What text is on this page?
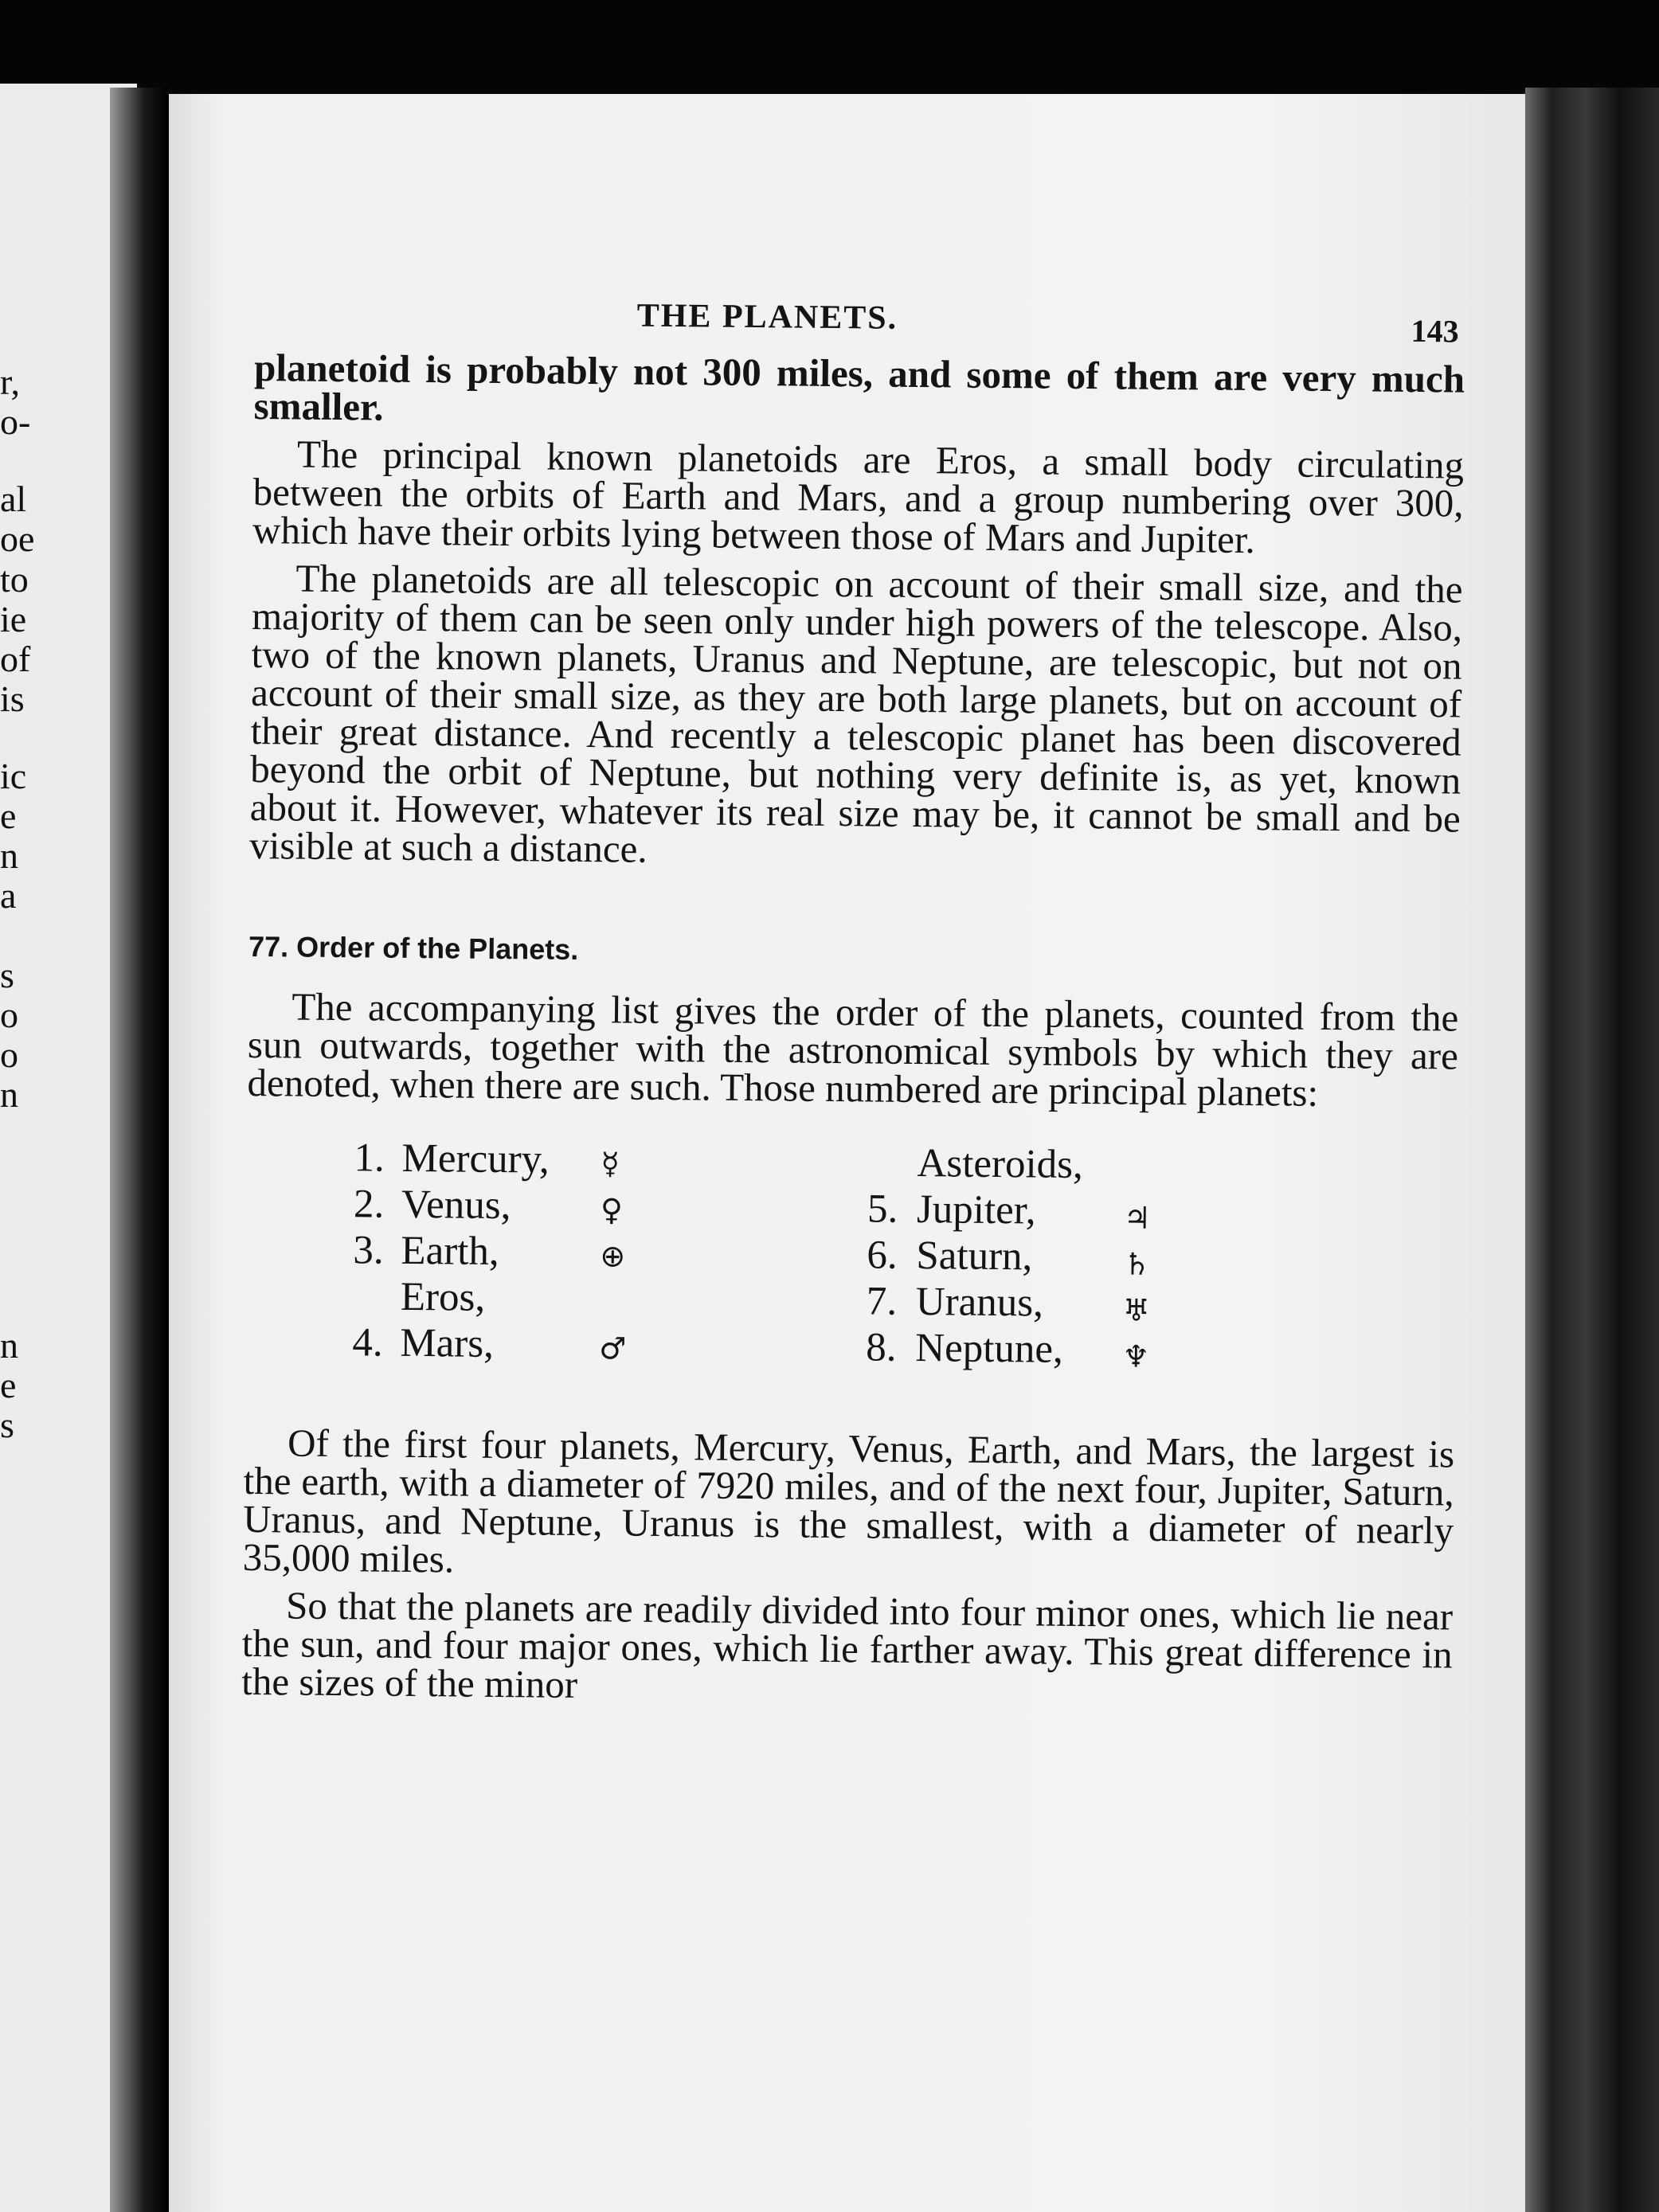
r,
o-
al
oe
to
ie
of
is
ic
e
n
a
s
o
o
n
n
e
s
THE PLANETS.	143

planetoid is probably not 300 miles, and some of them are very much smaller.

The principal known planetoids are Eros, a small body circulating between the orbits of Earth and Mars, and a group numbering over 300, which have their orbits lying between those of Mars and Jupiter.

The planetoids are all telescopic on account of their small size, and the majority of them can be seen only under high powers of the telescope. Also, two of the known planets, Uranus and Neptune, are telescopic, but not on account of their small size, as they are both large planets, but on account of their great distance. And recently a telescopic planet has been discovered beyond the orbit of Neptune, but nothing very definite is, as yet, known about it. However, whatever its real size may be, it cannot be small and be visible at such a distance.

77. Order of the Planets.

The accompanying list gives the order of the planets, counted from the sun outwards, together with the astronomical symbols by which they are denoted, when there are such. Those numbered are principal planets:

1. Mercury, ☿
2. Venus,	♀
3. Earth,	⊕
Eros,
4. Mars,	♂
Asteroids,
5. Jupiter,	♃
6. Saturn,	♄
7. Uranus,	♅
8. Neptune, ♆

Of the first four planets, Mercury, Venus, Earth, and Mars, the largest is the earth, with a diameter of 7920 miles, and of the next four, Jupiter, Saturn, Uranus, and Neptune, Uranus is the smallest, with a diameter of nearly 35,000 miles.

So that the planets are readily divided into four minor ones, which lie near the sun, and four major ones, which lie farther away. This great difference in the sizes of the minor
